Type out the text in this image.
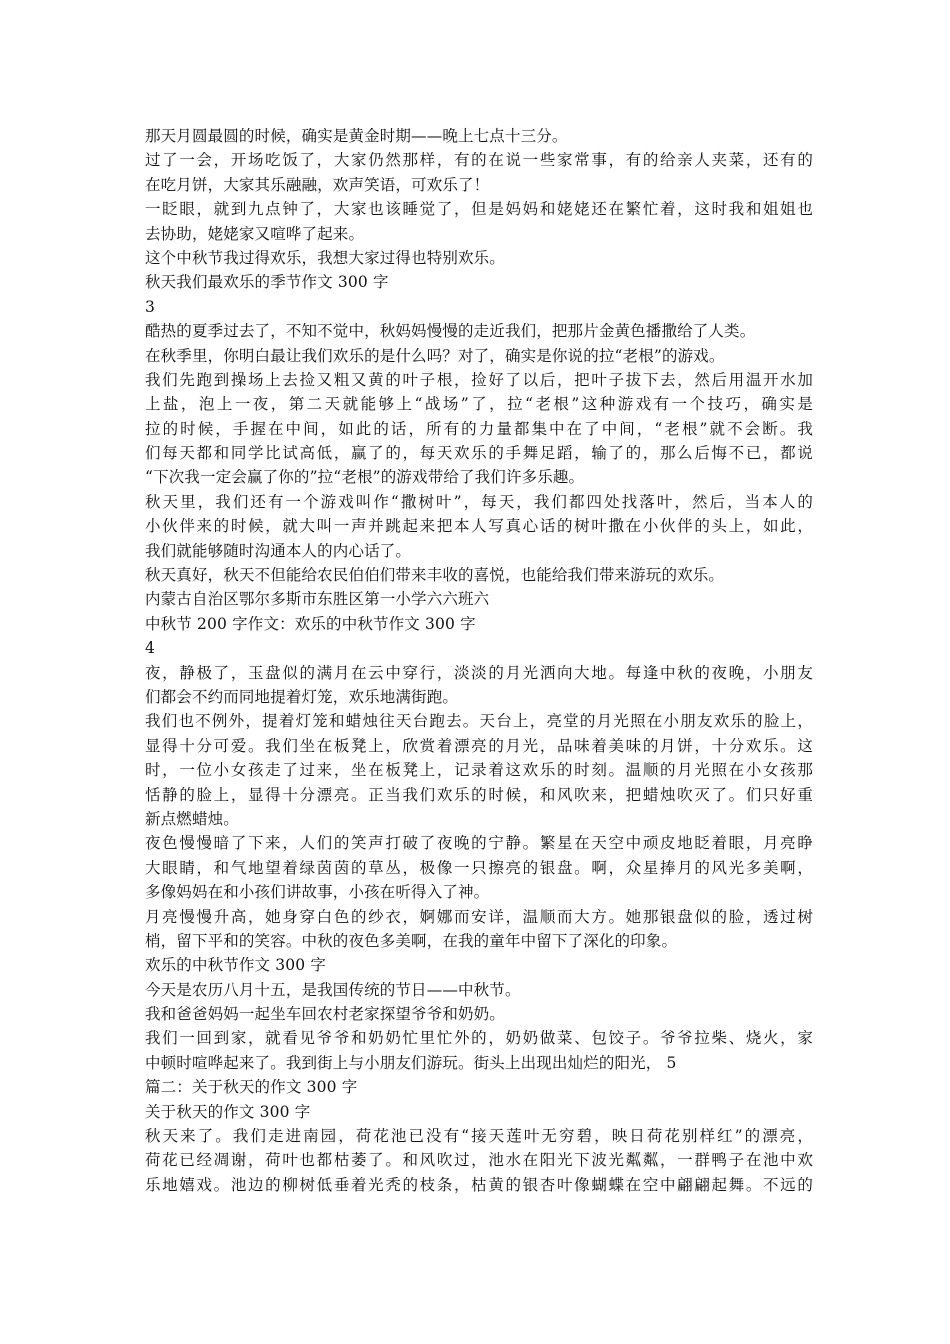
那天月圆最圆的时候，确实是黄金时期——晚上七点十三分。
过了一会，开场吃饭了，大家仍然那样，有的在说一些家常事，有的给亲人夹菜，还有的
在吃月饼，大家其乐融融，欢声笑语，可欢乐了！
一眨眼，就到九点钟了，大家也该睡觉了，但是妈妈和姥姥还在繁忙着，这时我和姐姐也
去协助，姥姥家又喧哗了起来。
这个中秋节我过得欢乐，我想大家过得也特别欢乐。
秋天我们最欢乐的季节作文 300 字
3
酷热的夏季过去了，不知不觉中，秋妈妈慢慢的走近我们，把那片金黄色播撒给了人类。
在秋季里，你明白最让我们欢乐的是什么吗？对了，确实是你说的拉“老根”的游戏。
我们先跑到操场上去捡又粗又黄的叶子根，捡好了以后，把叶子拔下去，然后用温开水加
上盐，泡上一夜，第二天就能够上“战场”了，拉“老根”这种游戏有一个技巧，确实是
拉的时候，手握在中间，如此的话，所有的力量都集中在了中间，“老根”就不会断。我
们每天都和同学比试高低，赢了的，每天欢乐的手舞足蹈，输了的，那么后悔不已，都说
“下次我一定会赢了你的”拉“老根”的游戏带给了我们许多乐趣。
秋天里，我们还有一个游戏叫作“撒树叶”，每天，我们都四处找落叶，然后，当本人的
小伙伴来的时候，就大叫一声并跳起来把本人写真心话的树叶撒在小伙伴的头上，如此，
我们就能够随时沟通本人的内心话了。
秋天真好，秋天不但能给农民伯伯们带来丰收的喜悦，也能给我们带来游玩的欢乐。
内蒙古自治区鄂尔多斯市东胜区第一小学六六班六
中秋节 200 字作文：欢乐的中秋节作文 300 字
4
夜，静极了，玉盘似的满月在云中穿行，淡淡的月光洒向大地。每逢中秋的夜晚，小朋友
们都会不约而同地提着灯笼，欢乐地满街跑。
我们也不例外，提着灯笼和蜡烛往天台跑去。天台上，亮堂的月光照在小朋友欢乐的脸上，
显得十分可爱。我们坐在板凳上，欣赏着漂亮的月光，品味着美味的月饼，十分欢乐。这
时，一位小女孩走了过来，坐在板凳上，记录着这欢乐的时刻。温顺的月光照在小女孩那
恬静的脸上，显得十分漂亮。正当我们欢乐的时候，和风吹来，把蜡烛吹灭了。们只好重
新点燃蜡烛。
夜色慢慢暗了下来，人们的笑声打破了夜晚的宁静。繁星在天空中顽皮地眨着眼，月亮睁
大眼睛，和气地望着绿茵茵的草丛，极像一只擦亮的银盘。啊，众星捧月的风光多美啊，
多像妈妈在和小孩们讲故事，小孩在听得入了神。
月亮慢慢升高，她身穿白色的纱衣，婀娜而安详，温顺而大方。她那银盘似的脸，透过树
梢，留下平和的笑容。中秋的夜色多美啊，在我的童年中留下了深化的印象。
欢乐的中秋节作文 300 字
今天是农历八月十五，是我国传统的节日——中秋节。
我和爸爸妈妈一起坐车回农村老家探望爷爷和奶奶。
我们一回到家，就看见爷爷和奶奶忙里忙外的，奶奶做菜、包饺子。爷爷拉柴、烧火，家
中顿时喧哗起来了。我到街上与小朋友们游玩。街头上出现出灿烂的阳光， 5
篇二：关于秋天的作文 300 字
关于秋天的作文 300 字
秋天来了。我们走进南园，荷花池已没有“接天莲叶无穷碧，映日荷花别样红”的漂亮，
荷花已经凋谢，荷叶也都枯萎了。和风吹过，池水在阳光下波光粼粼，一群鸭子在池中欢
乐地嬉戏。池边的柳树低垂着光秃的枝条，枯黄的银杏叶像蝴蝶在空中翩翩起舞。不远的
